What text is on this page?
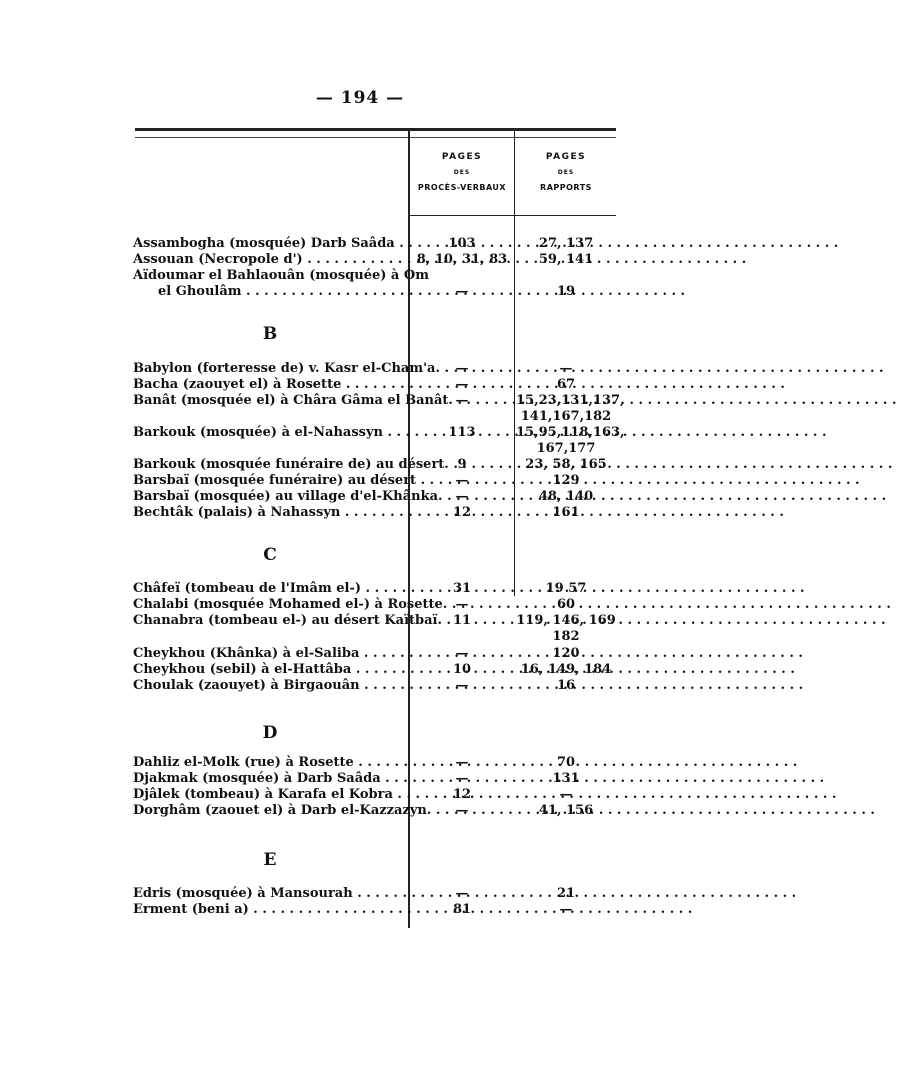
— 194 —
PAGES
DES
PROCÈS-VERBAUX
PAGES
DES
RAPPORTS
Assambogha (mosquée) Darb Saâda . . .	103	27, 137
Assouan (Necropole d') . . .	8, 10, 31, 83	59, 141
Aïdoumar el Bahlaouân (mosquée) à Om
el Ghoulâm . . .	—	19
B
Babylon (forteresse de) v. Kasr el-Cham'a. . . .	—	—
Bacha (zaouyet el) à Rosette . . .	—	67
Banât (mosquée el) à Châra Gâma el Banât. . . . —	15,23,131,137,
141,167,182
Barkouk (mosquée) à el-Nahassyn . . .	113	15,95,118,163,
167,177
Barkouk (mosquée funéraire de) au désert. . . . 9	23, 58, 165
Barsbaï (mosquée funéraire) au désert . . .	—	129
Barsbaï (mosquée) au village d'el-Khânka. . . . —	48, 140
Bechtâk (palais) à Nahassyn . . .	12	161
C
Châfeï (tombeau de l'Imâm el-) . . .	31	19 57
Chalabi (mosquée Mohamed el-) à Rosette. . . . —	60
Chanabra (tombeau el-) au désert Kaïtbaï. . . . 11	119, 146, 169
182
Cheykhou (Khânka) à el-Saliba . . .	—	120
Cheykhou (sebil) à el-Hattâba . . .	10	16, 149, 184
Choulak (zaouyet) à Birgaouân . . .	—	16
D
Dahliz el-Molk (rue) à Rosette . . .	—	70
Djakmak (mosquée) à Darb Saâda . . .	—	131
Djâlek (tombeau) à Karafa el Kobra . . .	12	—
Dorghâm (zaouet el) à Darb el-Kazzazyn. . . .	—	41, 156
E
Edris (mosquée) à Mansourah . . .	—	21
Erment (beni a) . . .	81	—
